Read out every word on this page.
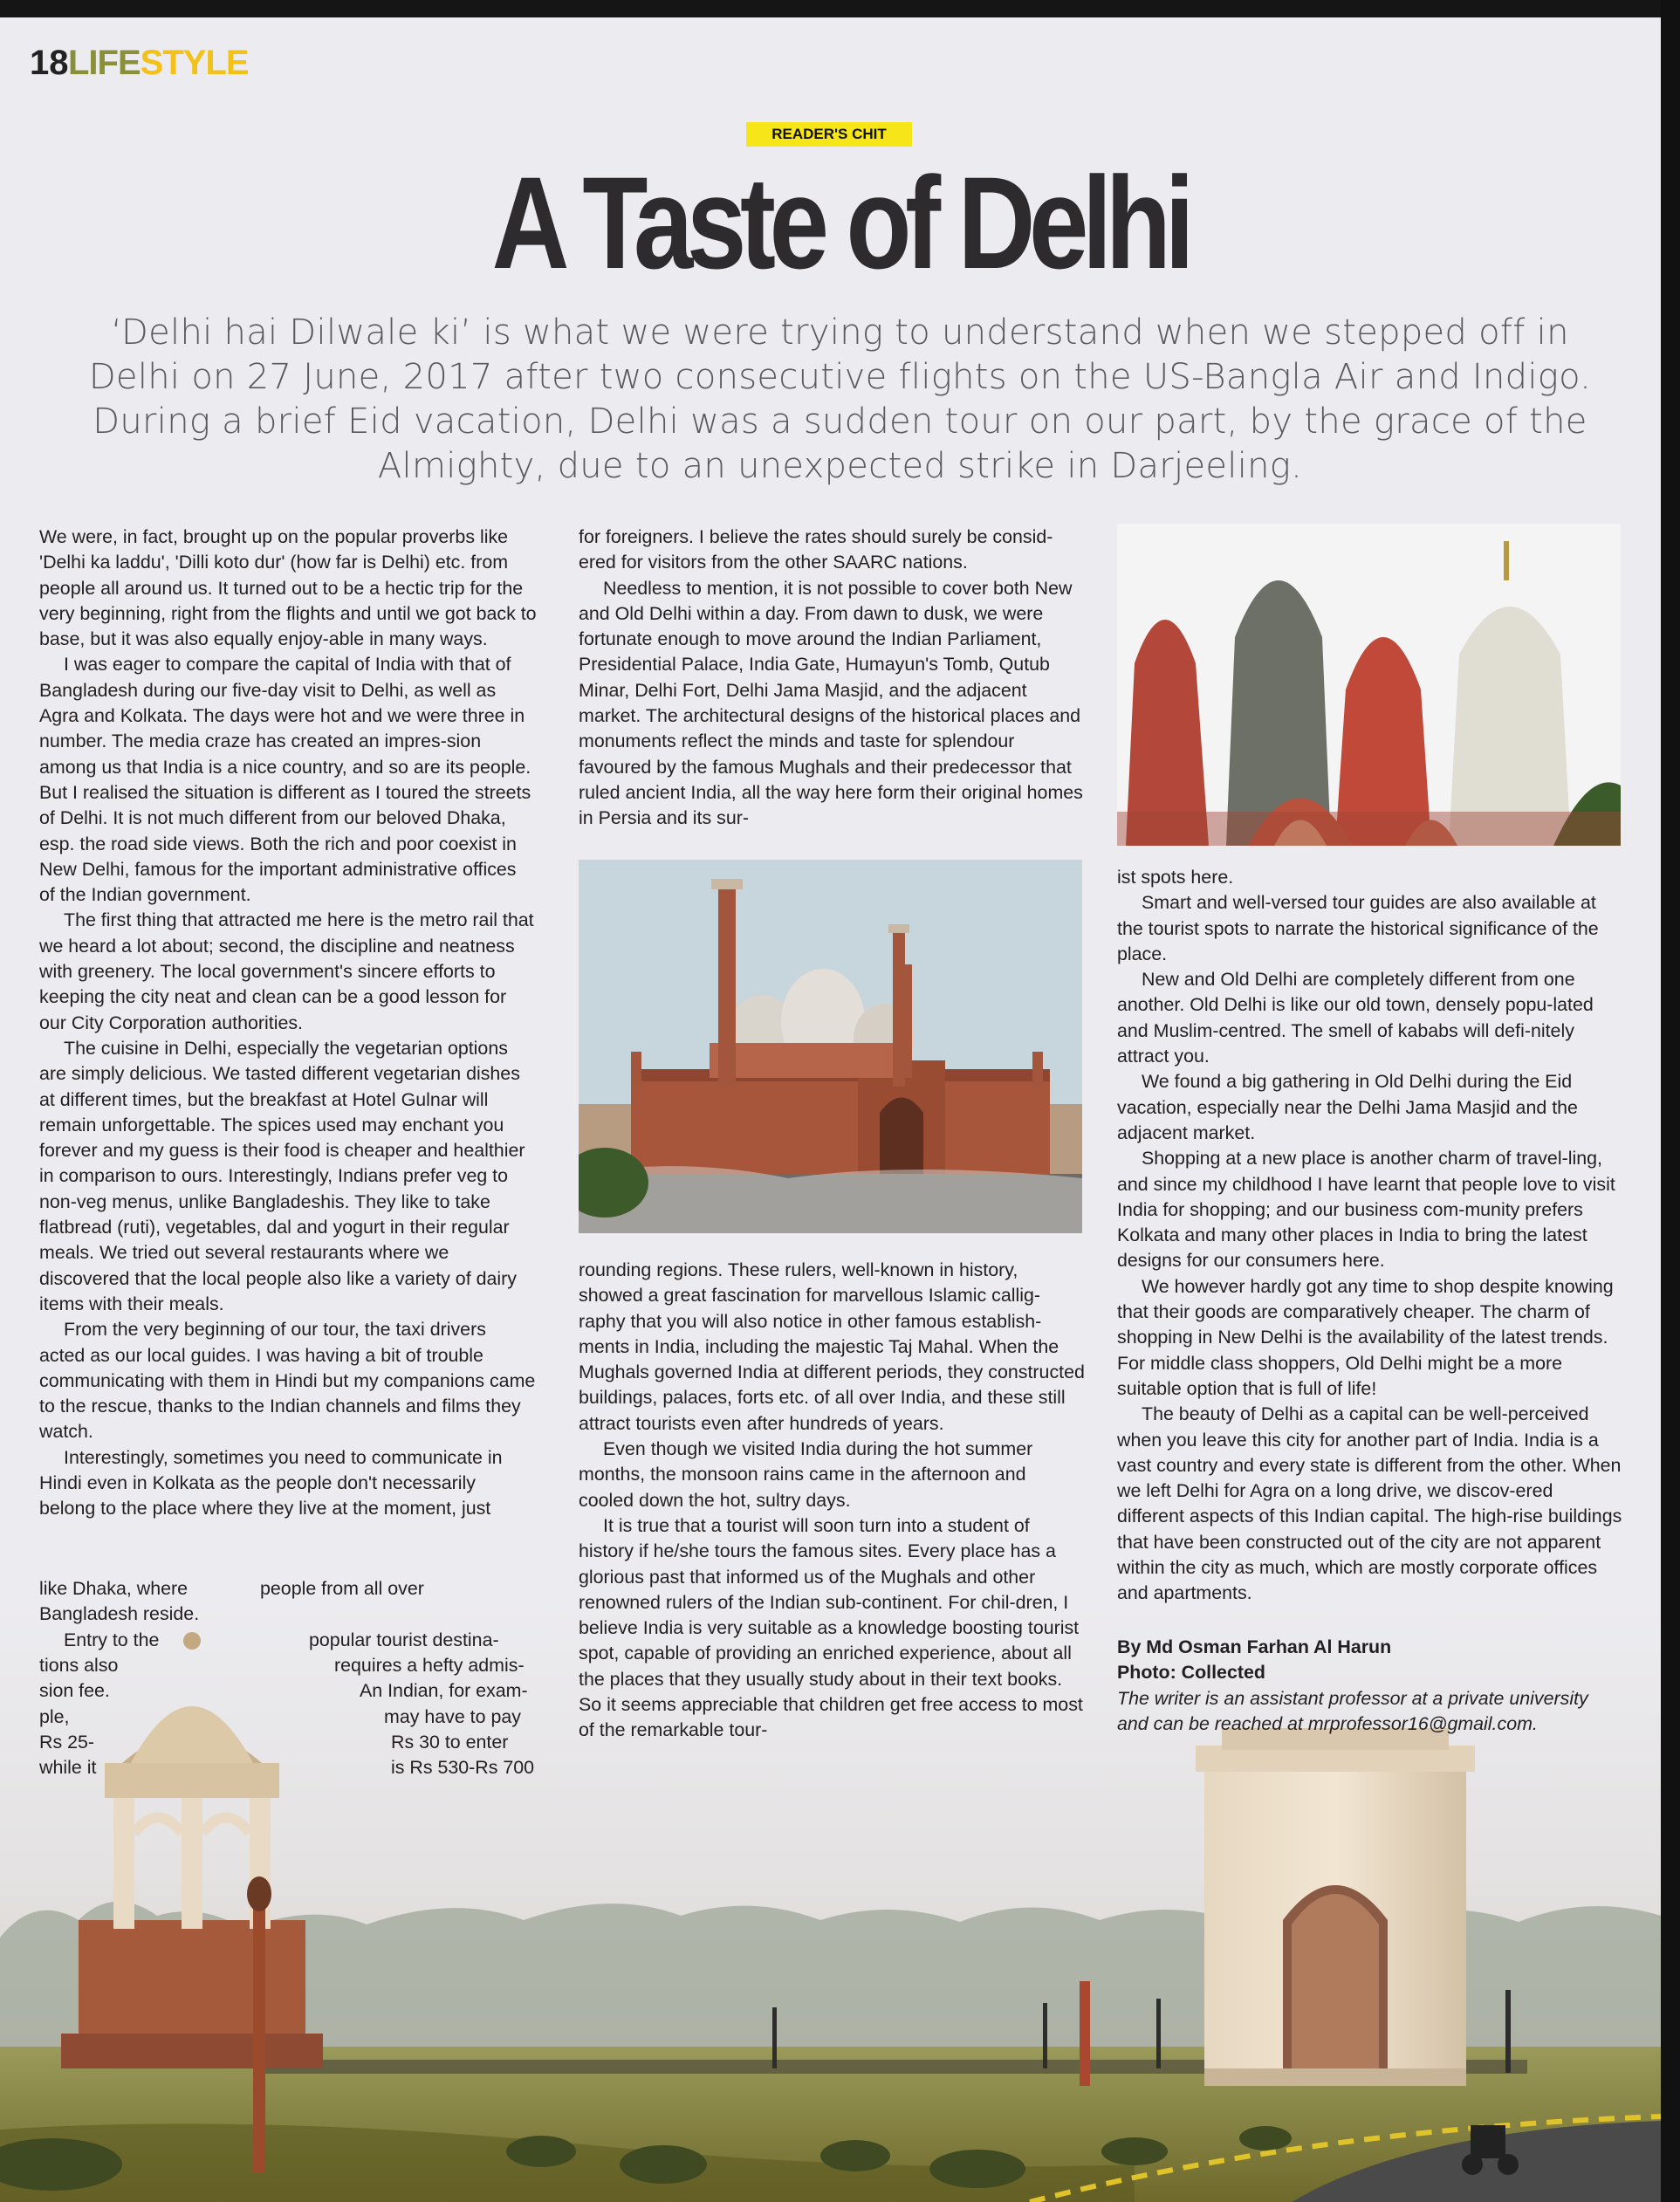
18 LIFESTYLE
READER'S CHIT
A Taste of Delhi
‘Delhi hai Dilwale ki’ is what we were trying to understand when we stepped off in Delhi on 27 June, 2017 after two consecutive flights on the US-Bangla Air and Indigo. During a brief Eid vacation, Delhi was a sudden tour on our part, by the grace of the Almighty, due to an unexpected strike in Darjeeling.

We were, in fact, brought up on the popular proverbs like 'Delhi ka laddu', 'Dilli koto dur' (how far is Delhi) etc. from people all around us. It turned out to be a hectic trip for the very beginning, right from the flights and until we got back to base, but it was also equally enjoy-able in many ways.

I was eager to compare the capital of India with that of Bangladesh during our five-day visit to Delhi, as well as Agra and Kolkata. The days were hot and we were three in number. The media craze has created an impres-sion among us that India is a nice country, and so are its people. But I realised the situation is different as I toured the streets of Delhi. It is not much different from our beloved Dhaka, esp. the road side views. Both the rich and poor coexist in New Delhi, famous for the important administrative offices of the Indian government.

The first thing that attracted me here is the metro rail that we heard a lot about; second, the discipline and neatness with greenery. The local government's sincere efforts to keeping the city neat and clean can be a good lesson for our City Corporation authorities.

The cuisine in Delhi, especially the vegetarian options are simply delicious. We tasted different vegetarian dishes at different times, but the breakfast at Hotel Gulnar will remain unforgettable. The spices used may enchant you forever and my guess is their food is cheaper and healthier in comparison to ours. Interestingly, Indians prefer veg to non-veg menus, unlike Bangladeshis. They like to take flatbread (ruti), vegetables, dal and yogurt in their regular meals. We tried out several restaurants where we discovered that the local people also like a variety of dairy items with their meals.

From the very beginning of our tour, the taxi drivers acted as our local guides. I was having a bit of trouble communicating with them in Hindi but my companions came to the rescue, thanks to the Indian channels and films they watch.

Interestingly, sometimes you need to communicate in Hindi even in Kolkata as the people don't necessarily belong to the place where they live at the moment, just

like Dhaka, where	people from all over
Bangladesh reside.
Entry to the	popular tourist destina-
tions also	requires a hefty admis-
sion fee.	An Indian, for exam-
ple,	may have to pay
Rs 25-	Rs 30 to enter
while it	is Rs 530-Rs 700

for foreigners. I believe the rates should surely be consid-ered for visitors from the other SAARC nations.

Needless to mention, it is not possible to cover both New and Old Delhi within a day. From dawn to dusk, we were fortunate enough to move around the Indian Parliament, Presidential Palace, India Gate, Humayun's Tomb, Qutub Minar, Delhi Fort, Delhi Jama Masjid, and the adjacent market. The architectural designs of the historical places and monuments reflect the minds and taste for splendour favoured by the famous Mughals and their predecessor that ruled ancient India, all the way here form their original homes in Persia and its sur-

rounding regions. These rulers, well-known in history, showed a great fascination for marvellous Islamic callig-raphy that you will also notice in other famous establish-ments in India, including the majestic Taj Mahal. When the Mughals governed India at different periods, they constructed buildings, palaces, forts etc. of all over India, and these still attract tourists even after hundreds of years.

Even though we visited India during the hot summer months, the monsoon rains came in the afternoon and cooled down the hot, sultry days.

It is true that a tourist will soon turn into a student of history if he/she tours the famous sites. Every place has a glorious past that informed us of the Mughals and other renowned rulers of the Indian sub-continent. For chil-dren, I believe India is very suitable as a knowledge boosting tourist spot, capable of providing an enriched experience, about all the places that they usually study about in their text books. So it seems appreciable that children get free access to most of the remarkable tour-

ist spots here.

Smart and well-versed tour guides are also available at the tourist spots to narrate the historical significance of the place.

New and Old Delhi are completely different from one another. Old Delhi is like our old town, densely popu-lated and Muslim-centred. The smell of kababs will defi-nitely attract you.

We found a big gathering in Old Delhi during the Eid vacation, especially near the Delhi Jama Masjid and the adjacent market.

Shopping at a new place is another charm of travel-ling, and since my childhood I have learnt that people love to visit India for shopping; and our business com-munity prefers Kolkata and many other places in India to bring the latest designs for our consumers here.

We however hardly got any time to shop despite knowing that their goods are comparatively cheaper. The charm of shopping in New Delhi is the availability of the latest trends. For middle class shoppers, Old Delhi might be a more suitable option that is full of life!

The beauty of Delhi as a capital can be well-perceived when you leave this city for another part of India. India is a vast country and every state is different from the other. When we left Delhi for Agra on a long drive, we discov-ered different aspects of this Indian capital. The high-rise buildings that have been constructed out of the city are not apparent within the city as much, which are mostly corporate offices and apartments.

By Md Osman Farhan Al Harun
Photo: Collected
The writer is an assistant professor at a private university and can be reached at mrprofessor16@gmail.com.
